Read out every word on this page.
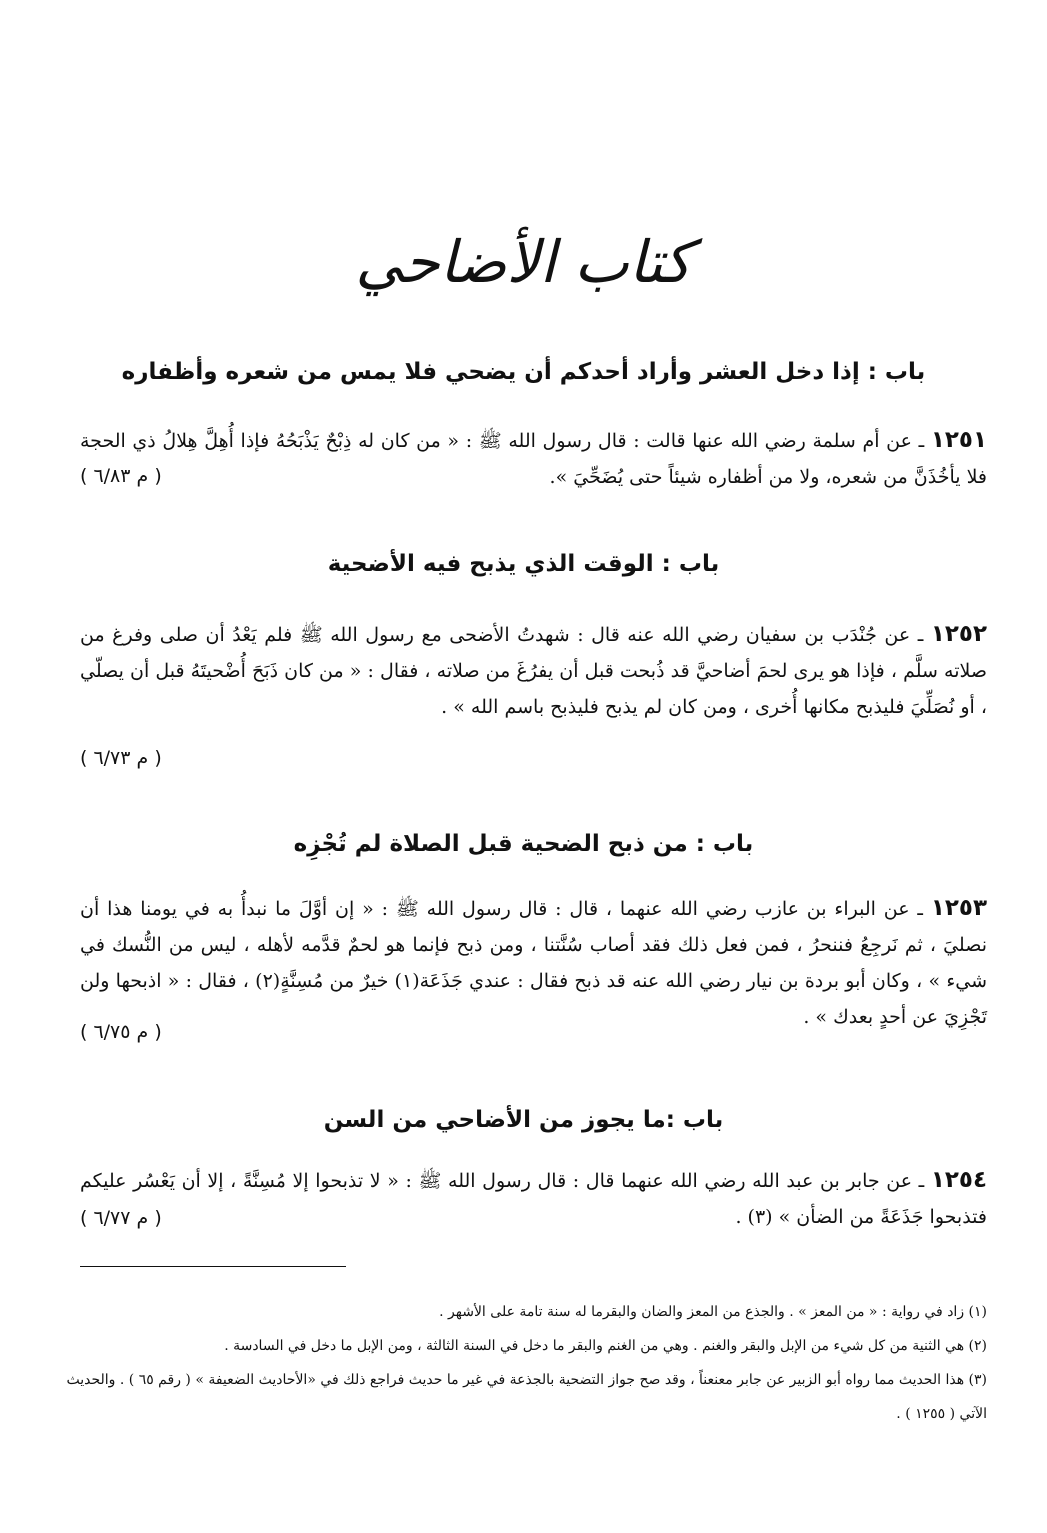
كتاب الأضاحي
باب : إذا دخل العشر وأراد أحدكم أن يضحي فلا يمس من شعره وأظفاره

١٢٥١ ـ عن أم سلمة رضي الله عنها قالت : قال رسول الله ﷺ : « من كان له ذِبْحٌ يَذْبَحُهُ فإذا أُهِلَّ هِلالُ ذي الحجة فلا يأخُذَنَّ من شعره، ولا من أظفاره شيئاً حتى يُضَحِّيَ ».

( م ٦/٨٣ )
باب : الوقت الذي يذبح فيه الأضحية

١٢٥٢ ـ عن جُنْدَب بن سفيان رضي الله عنه قال : شهدتُ الأضحى مع رسول الله ﷺ فلم يَعْدُ أن صلى وفرغ من صلاته سلَّم ، فإذا هو يرى لحمَ أضاحيَّ قد ذُبحت قبل أن يفرُغَ من صلاته ، فقال : « من كان ذَبَحَ أُضْحيتَهُ قبل أن يصلّي ، أو نُصَلِّيَ فليذبح مكانها أُخرى ، ومن كان لم يذبح فليذبح باسم الله » .

( م ٦/٧٣ )
باب : من ذبح الضحية قبل الصلاة لم تُجْزِه

١٢٥٣ ـ عن البراء بن عازب رضي الله عنهما ، قال : قال رسول الله ﷺ : « إن أوَّلَ ما نبدأُ به في يومنا هذا أن نصليَ ، ثم نَرجِعُ فننحرُ ، فمن فعل ذلك فقد أصاب سُنَّتنا ، ومن ذبح فإنما هو لحمٌ قدَّمه لأهله ، ليس من النُّسك في شيء » ، وكان أبو بردة بن نيار رضي الله عنه قد ذبح فقال : عندي جَذَعَة(١) خيرٌ من مُسِنَّةٍ(٢) ، فقال : « اذبحها ولن تَجْزِيَ عن أحدٍ بعدك » .

( م ٦/٧٥ )
باب :ما يجوز من الأضاحي من السن

١٢٥٤ ـ عن جابر بن عبد الله رضي الله عنهما قال : قال رسول الله ﷺ : « لا تذبحوا إلا مُسِنَّةً ، إلا أن يَعْسُر عليكم فتذبحوا جَذَعَةً من الضأن » (٣) .

( م ٦/٧٧ )

(١) زاد في رواية : « من المعز » . والجذع من المعز والضان والبقرما له سنة تامة على الأشهر .

(٢) هي الثنية من كل شيء من الإبل والبقر والغنم . وهي من الغنم والبقر ما دخل في السنة الثالثة ، ومن الإبل ما دخل في السادسة .

(٣) هذا الحديث مما رواه أبو الزبير عن جابر معنعناً ، وقد صح جواز التضحية بالجذعة في غير ما حديث فراجع ذلك في «الأحاديث الضعيفة » ( رقم ٦٥ ) . والحديث الآتي ( ١٢٥٥ ) .
